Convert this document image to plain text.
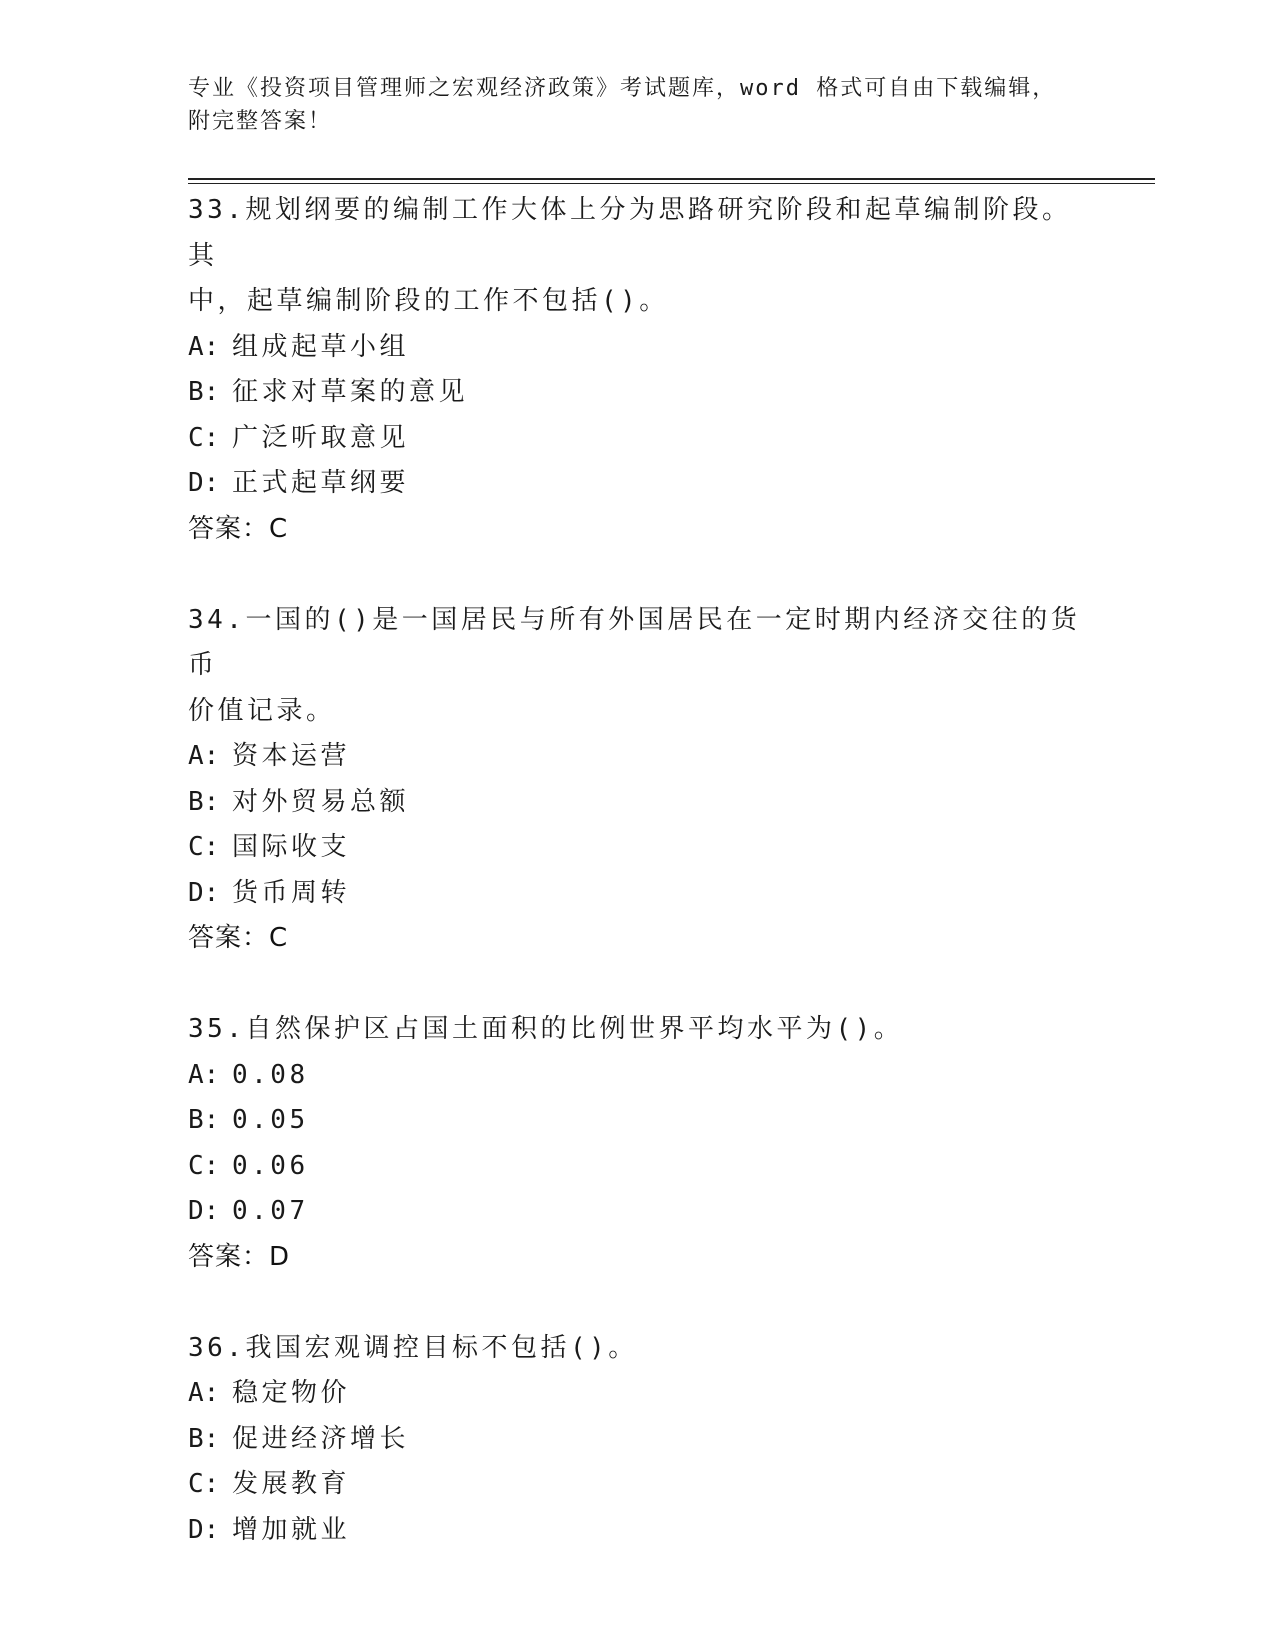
专业《投资项目管理师之宏观经济政策》考试题库，word 格式可自由下载编辑，
附完整答案！
33.规划纲要的编制工作大体上分为思路研究阶段和起草编制阶段。其
中，起草编制阶段的工作不包括()。
A: 组成起草小组
B: 征求对草案的意见
C: 广泛听取意见
D: 正式起草纲要
答案：C
34.一国的()是一国居民与所有外国居民在一定时期内经济交往的货币
价值记录。
A: 资本运营
B: 对外贸易总额
C: 国际收支
D: 货币周转
答案：C
35.自然保护区占国土面积的比例世界平均水平为()。
A: 0.08
B: 0.05
C: 0.06
D: 0.07
答案：D
36.我国宏观调控目标不包括()。
A: 稳定物价
B: 促进经济增长
C: 发展教育
D: 增加就业
